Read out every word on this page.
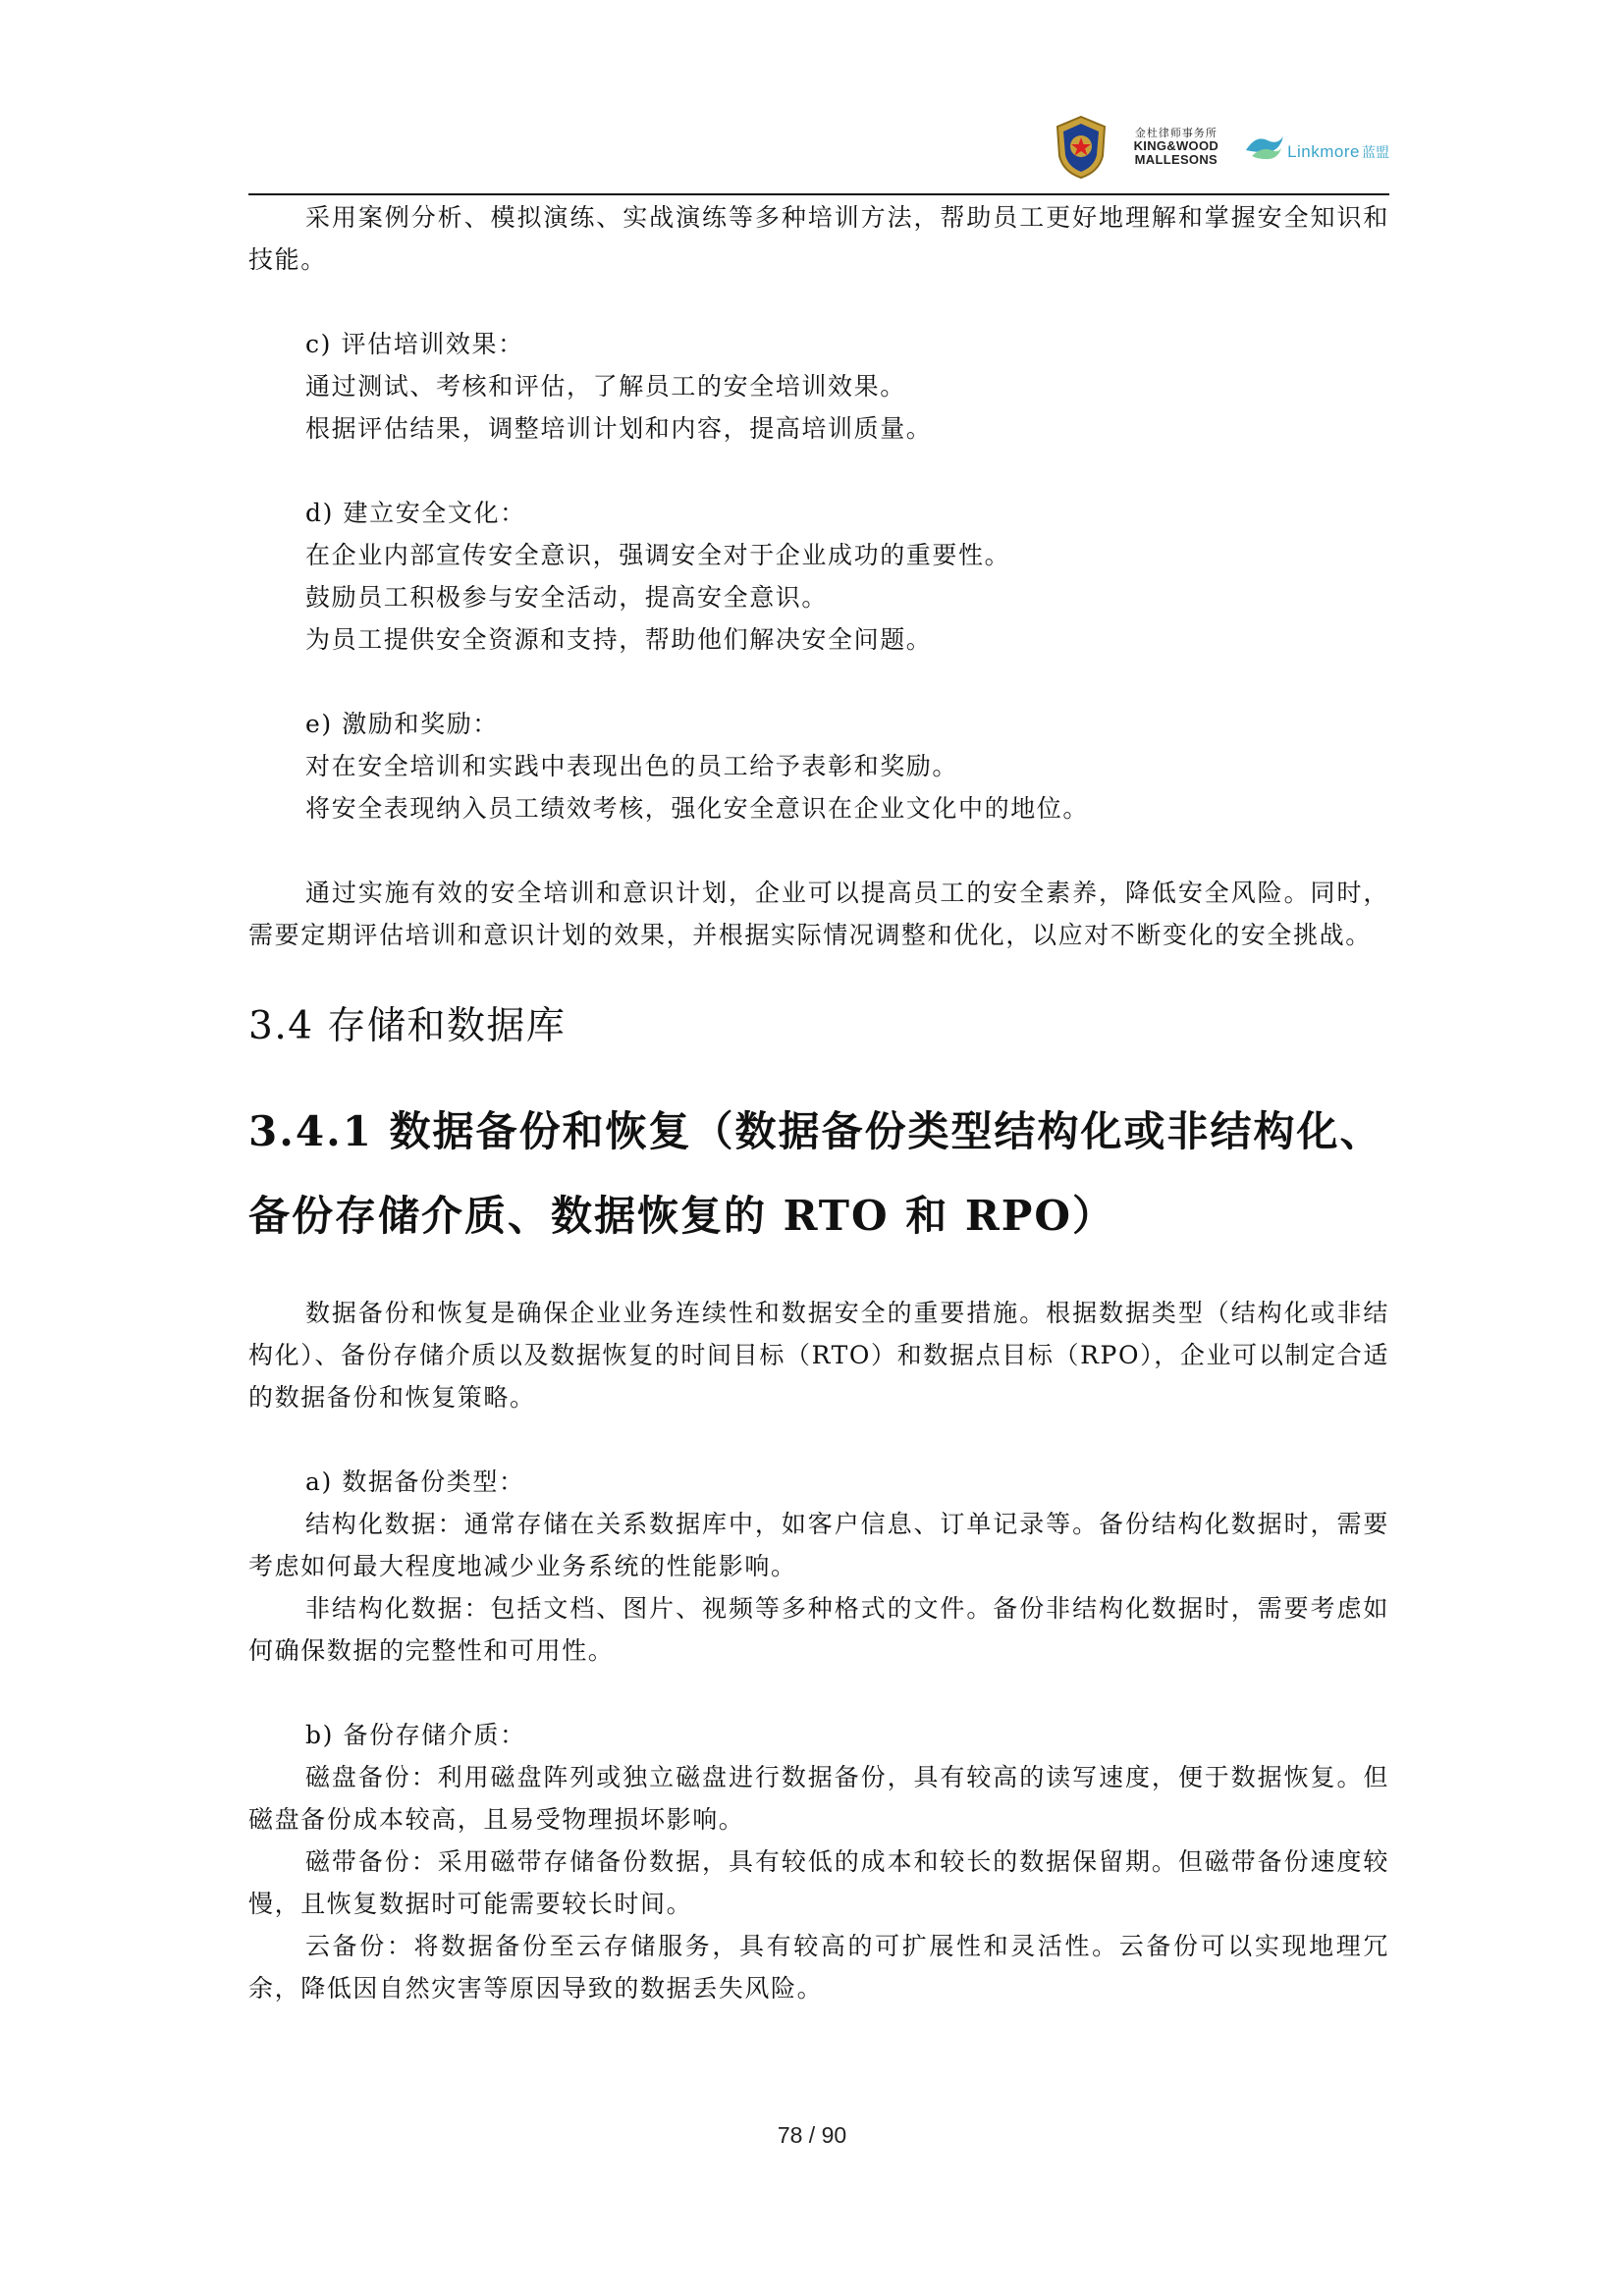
金杜律师事务所
KING&WOOD
MALLESONS	Linkmore 蓝盟

采用案例分析、模拟演练、实战演练等多种培训方法，帮助员工更好地理解和掌握安全知识和技能。

c) 评估培训效果：

通过测试、考核和评估，了解员工的安全培训效果。

根据评估结果，调整培训计划和内容，提高培训质量。

d) 建立安全文化：

在企业内部宣传安全意识，强调安全对于企业成功的重要性。

鼓励员工积极参与安全活动，提高安全意识。

为员工提供安全资源和支持，帮助他们解决安全问题。

e) 激励和奖励：

对在安全培训和实践中表现出色的员工给予表彰和奖励。

将安全表现纳入员工绩效考核，强化安全意识在企业文化中的地位。

通过实施有效的安全培训和意识计划，企业可以提高员工的安全素养，降低安全风险。同时，需要定期评估培训和意识计划的效果，并根据实际情况调整和优化，以应对不断变化的安全挑战。

3.4 存储和数据库
3.4.1 数据备份和恢复（数据备份类型结构化或非结构化、备份存储介质、数据恢复的 RTO 和 RPO）

数据备份和恢复是确保企业业务连续性和数据安全的重要措施。根据数据类型（结构化或非结构化）、备份存储介质以及数据恢复的时间目标（RTO）和数据点目标（RPO），企业可以制定合适的数据备份和恢复策略。

a) 数据备份类型：

结构化数据：通常存储在关系数据库中，如客户信息、订单记录等。备份结构化数据时，需要考虑如何最大程度地减少业务系统的性能影响。

非结构化数据：包括文档、图片、视频等多种格式的文件。备份非结构化数据时，需要考虑如何确保数据的完整性和可用性。

b) 备份存储介质：

磁盘备份：利用磁盘阵列或独立磁盘进行数据备份，具有较高的读写速度，便于数据恢复。但磁盘备份成本较高，且易受物理损坏影响。

磁带备份：采用磁带存储备份数据，具有较低的成本和较长的数据保留期。但磁带备份速度较慢，且恢复数据时可能需要较长时间。

云备份：将数据备份至云存储服务，具有较高的可扩展性和灵活性。云备份可以实现地理冗余，降低因自然灾害等原因导致的数据丢失风险。

78 / 90
